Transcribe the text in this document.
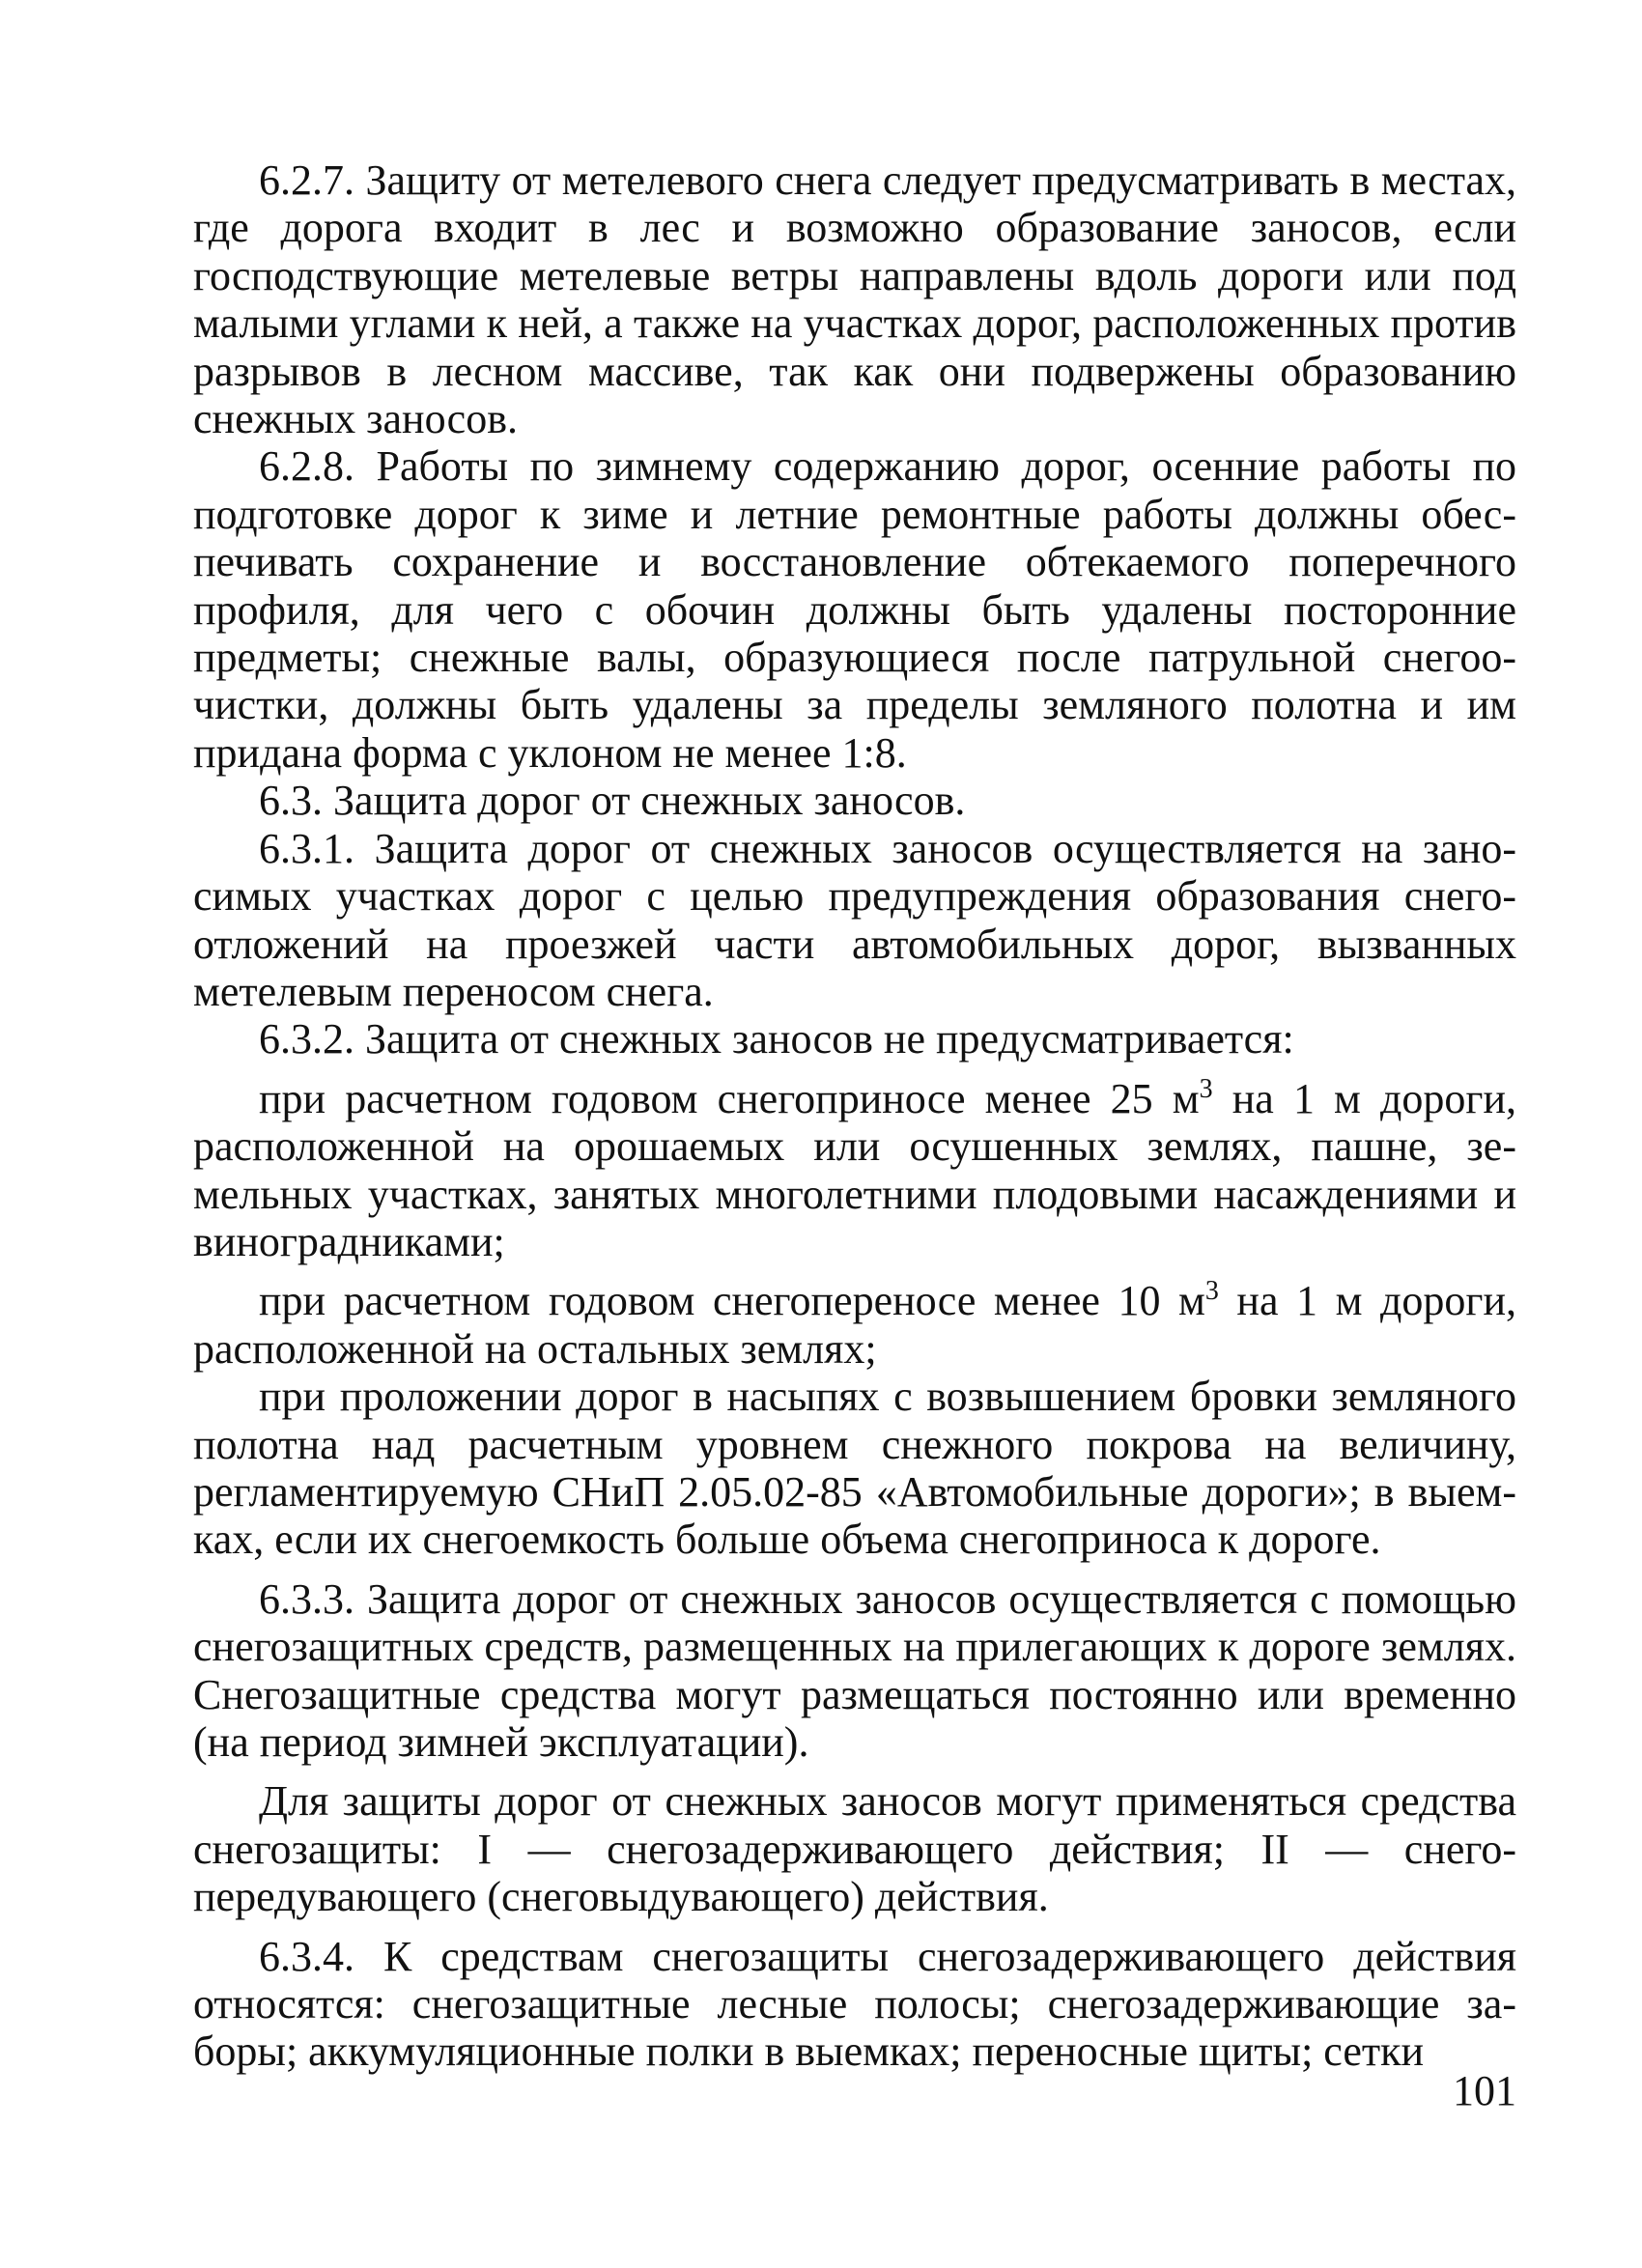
6.2.7. Защиту от метелевого снега следует предусматривать в местах, где дорога входит в лес и возможно образование заносов, если господствующие метелевые ветры направлены вдоль дороги или под малыми углами к ней, а также на участках дорог, расположенных против разрывов в лесном массиве, так как они подвержены образованию снежных заносов.

6.2.8. Работы по зимнему содержанию дорог, осенние работы по подготовке дорог к зиме и летние ремонтные работы должны обеспечивать сохранение и восстановление обтекаемого поперечного профиля, для чего с обочин должны быть удалены посторонние предметы; снежные валы, образующиеся после патрульной снегоочистки, должны быть удалены за пределы земляного полотна и им придана форма с уклоном не менее 1:8.

6.3. Защита дорог от снежных заносов.

6.3.1. Защита дорог от снежных заносов осуществляется на заносимых участках дорог с целью предупреждения образования снегоотложений на проезжей части автомобильных дорог, вызванных метелевым переносом снега.

6.3.2. Защита от снежных заносов не предусматривается:

при расчетном годовом снегоприносе менее 25 $м^3$ на 1 м дороги, расположенной на орошаемых или осушенных землях, пашне, земельных участках, занятых многолетними плодовыми насаждениями и виноградниками;

при расчетном годовом снегопереносе менее 10 $м^3$ на 1 м дороги, расположенной на остальных землях;

при проложении дорог в насыпях с возвышением бровки земляного полотна над расчетным уровнем снежного покрова на величину, регламентируемую СНиП 2.05.02-85 «Автомобильные дороги»; в выемках, если их снегоемкость больше объема снегоприноса к дороге.

6.3.3. Защита дорог от снежных заносов осуществляется с помощью снегозащитных средств, размещенных на прилегающих к дороге землях. Снегозащитные средства могут размещаться постоянно или временно (на период зимней эксплуатации).

Для защиты дорог от снежных заносов могут применяться средства снегозащиты: I — снегозадерживающего действия; II — снегопередувающего (снеговыдувающего) действия.

6.3.4. К средствам снегозащиты снегозадерживающего действия относятся: снегозащитные лесные полосы; снегозадерживающие заборы; аккумуляционные полки в выемках; переносные щиты; сетки

101
